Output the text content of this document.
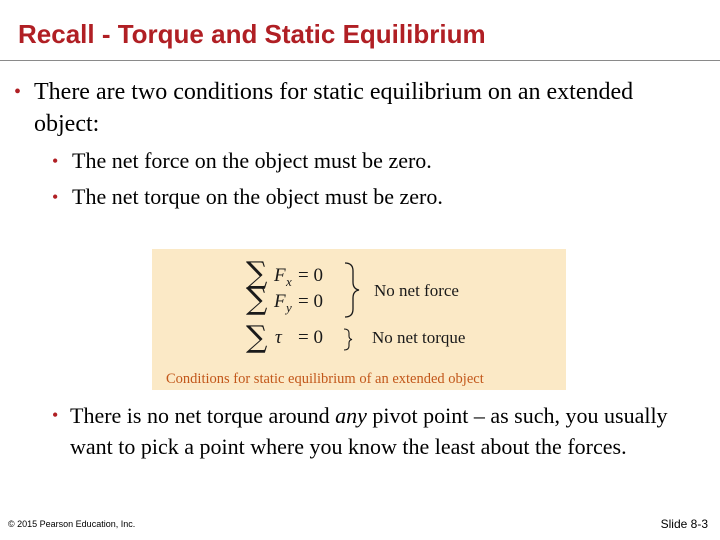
Recall - Torque and Static Equilibrium
• There are two conditions for static equilibrium on an extended object:
• The net force on the object must be zero.
• The net torque on the object must be zero.
∑ F x = 0
∑ F y = 0
∑ τ = 0
No net force
No net torque
Conditions for static equilibrium of an extended object
• There is no net torque around any pivot point – as such, you usually want to pick a point where you know the least about the forces.
© 2015 Pearson Education, Inc.	Slide 8-3
